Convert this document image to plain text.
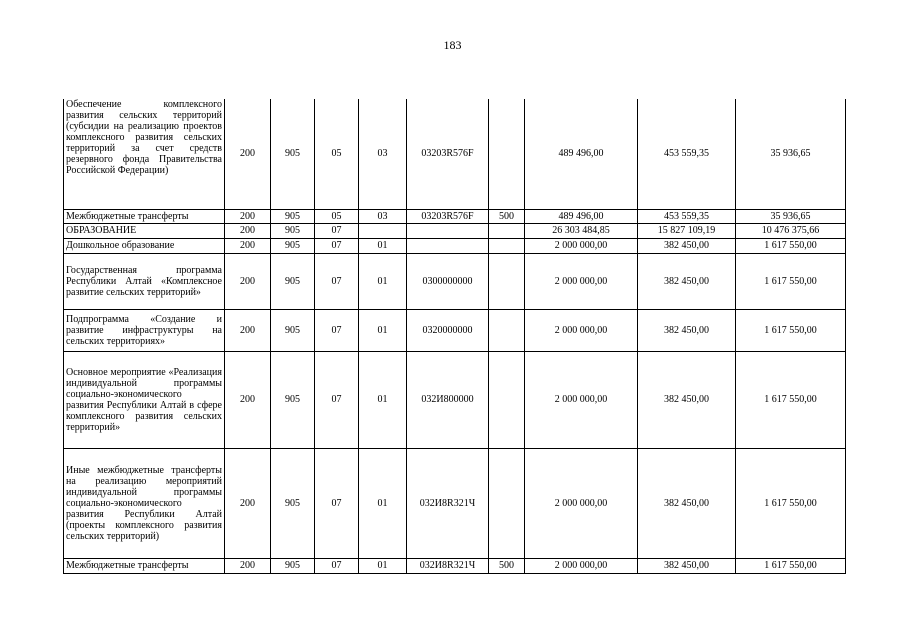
183
Обеспечение комплексного развития сельских территорий (субсидии на реализацию проектов комплексного развития сельских территорий за счет средств резервного фонда Правительства Российской Федерации)	200	905	05	03	03203R576F		489 496,00	453 559,35	35 936,65
Межбюджетные трансферты	200	905	05	03	03203R576F	500	489 496,00	453 559,35	35 936,65
ОБРАЗОВАНИЕ	200	905	07				26 303 484,85	15 827 109,19	10 476 375,66
Дошкольное образование	200	905	07	01			2 000 000,00	382 450,00	1 617 550,00
Государственная программа Республики Алтай «Комплексное развитие сельских территорий»	200	905	07	01	0300000000		2 000 000,00	382 450,00	1 617 550,00
Подпрограмма «Создание и развитие инфраструктуры на сельских территориях»	200	905	07	01	0320000000		2 000 000,00	382 450,00	1 617 550,00
Основное мероприятие «Реализация индивидуальной программы социально-экономического развития Республики Алтай в сфере комплексного развития сельских территорий»	200	905	07	01	032И800000		2 000 000,00	382 450,00	1 617 550,00
Иные межбюджетные трансферты на реализацию мероприятий индивидуальной программы социально-экономического развития Республики Алтай (проекты комплексного развития сельских территорий)	200	905	07	01	032И8R321Ч		2 000 000,00	382 450,00	1 617 550,00
Межбюджетные трансферты	200	905	07	01	032И8R321Ч	500	2 000 000,00	382 450,00	1 617 550,00
